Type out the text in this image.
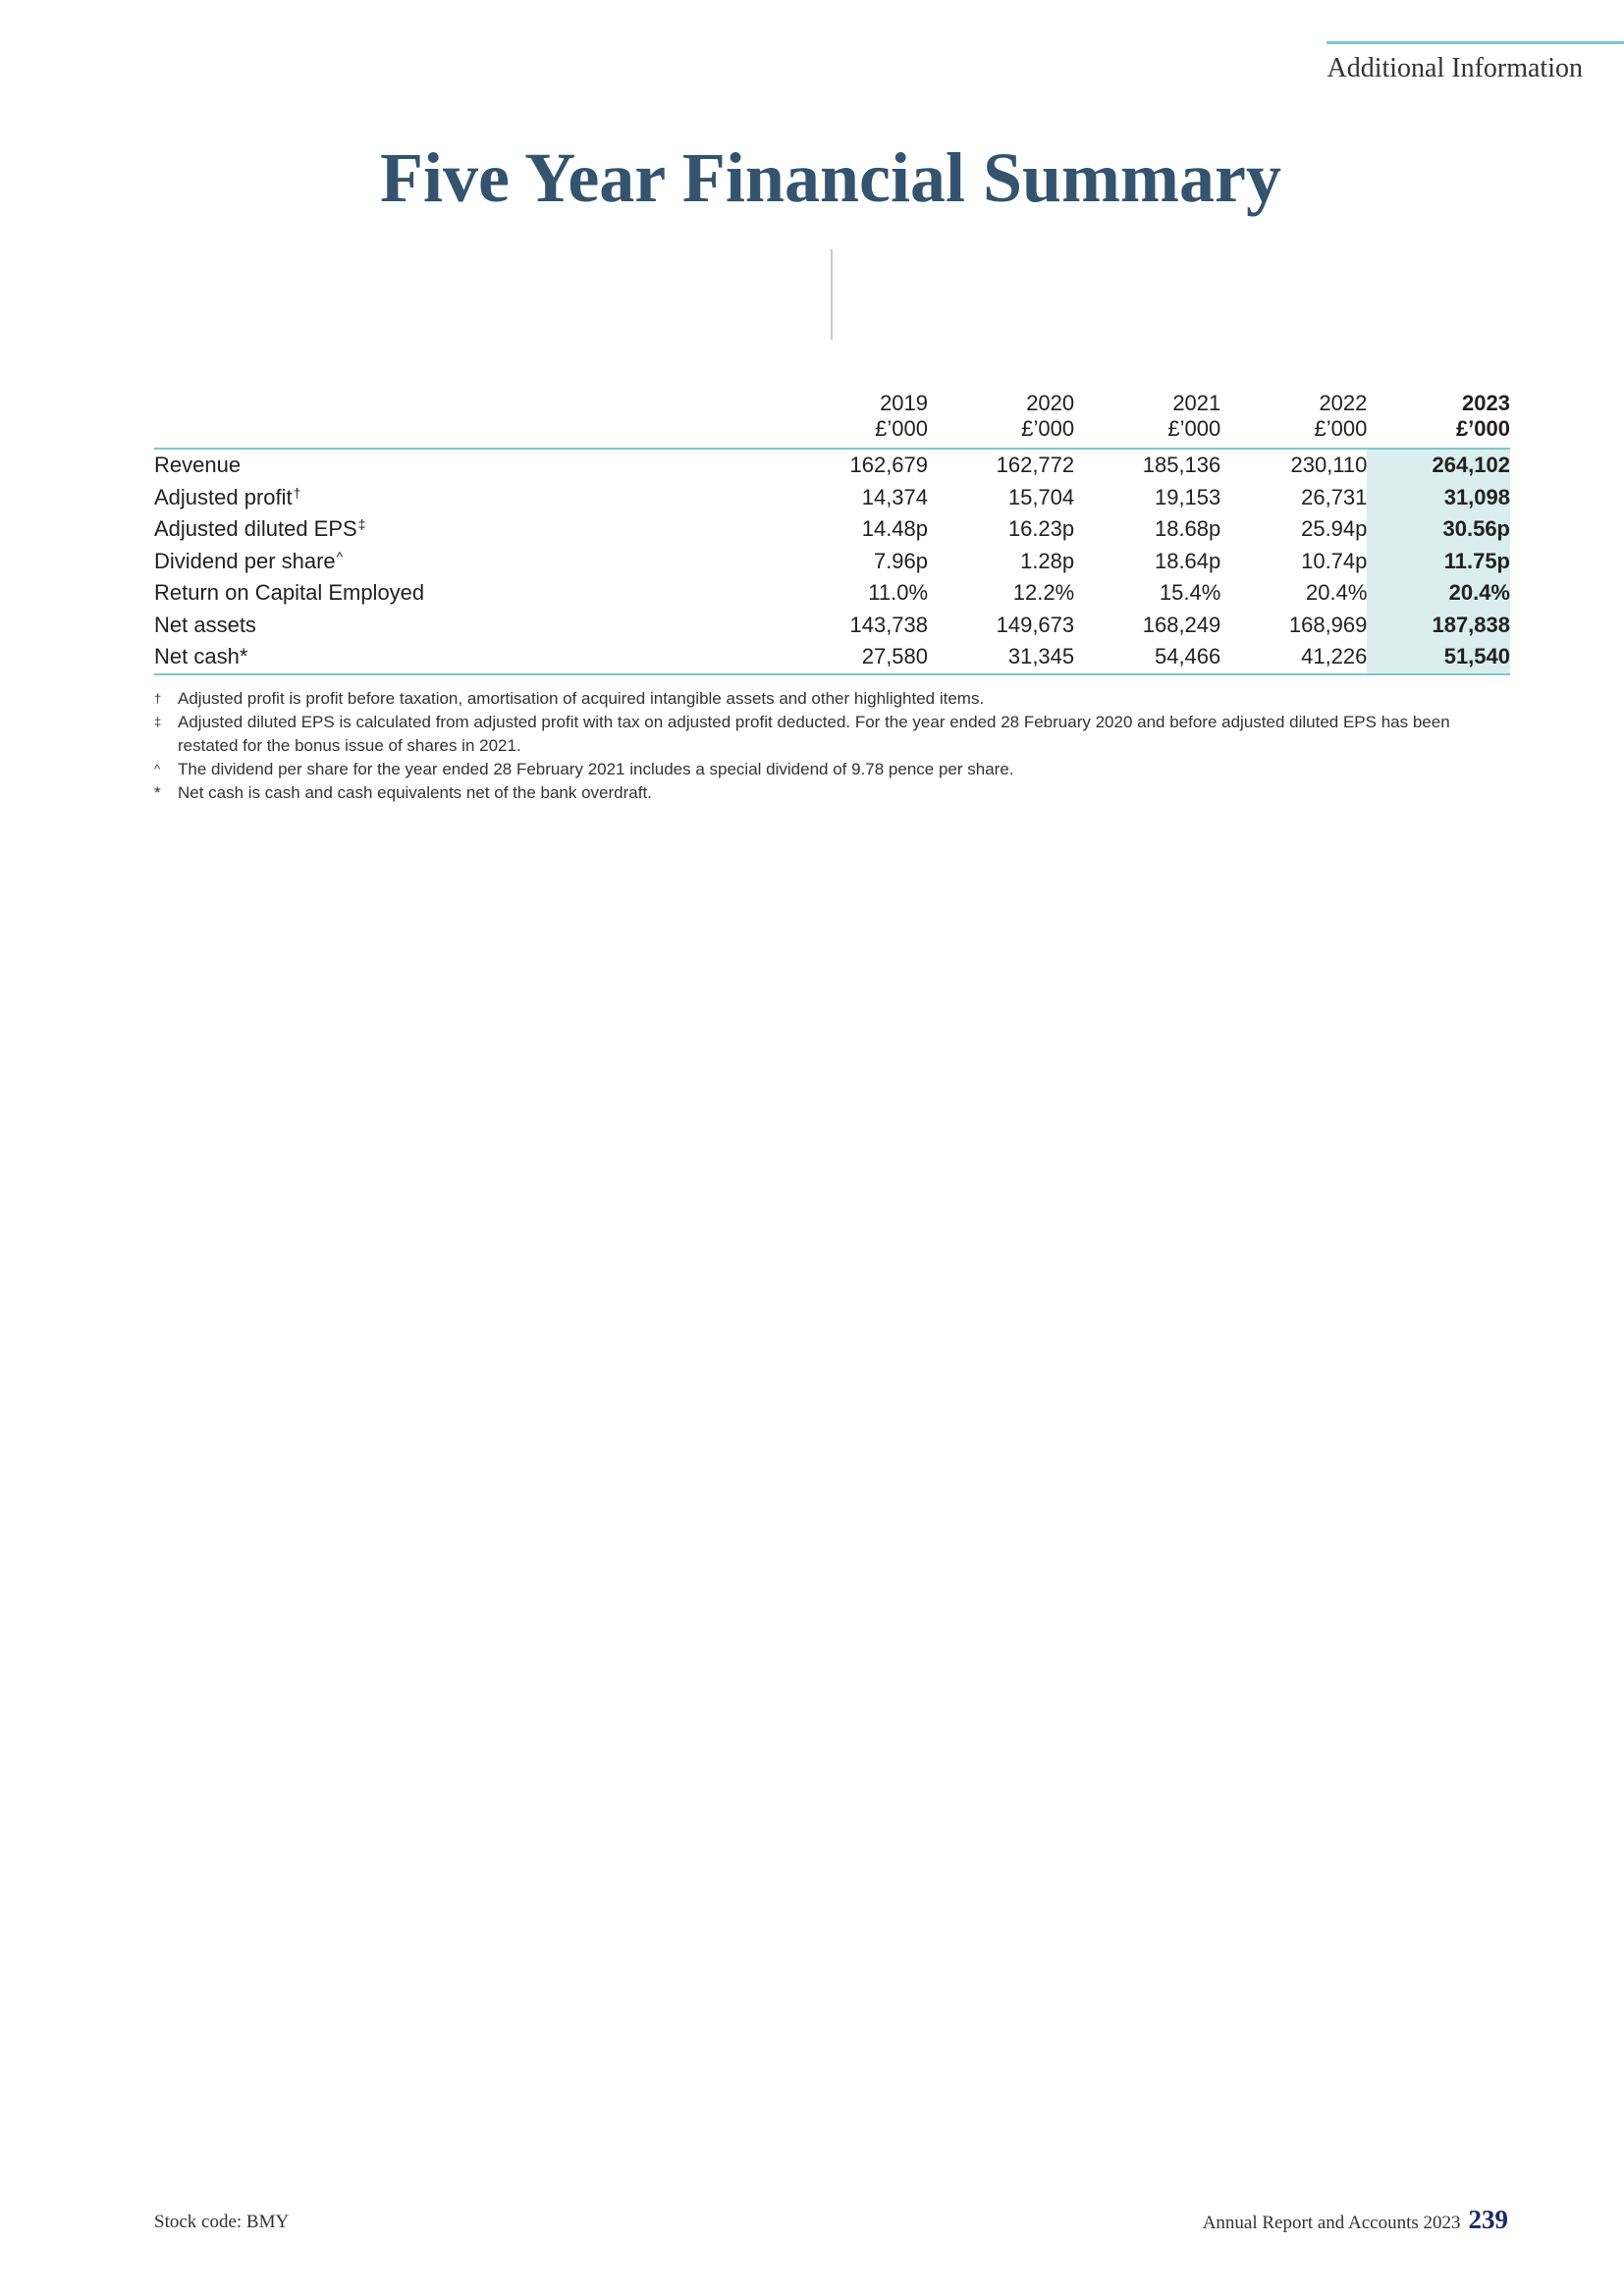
Additional Information
Five Year Financial Summary
	2019	2020	2021	2022	2023
	£’000	£’000	£’000	£’000	£’000
Revenue	162,679	162,772	185,136	230,110	264,102
Adjusted profit†	14,374	15,704	19,153	26,731	31,098
Adjusted diluted EPS‡	14.48p	16.23p	18.68p	25.94p	30.56p
Dividend per share^	7.96p	1.28p	18.64p	10.74p	11.75p
Return on Capital Employed	11.0%	12.2%	15.4%	20.4%	20.4%
Net assets	143,738	149,673	168,249	168,969	187,838
Net cash*	27,580	31,345	54,466	41,226	51,540
† Adjusted profit is profit before taxation, amortisation of acquired intangible assets and other highlighted items.
‡ Adjusted diluted EPS is calculated from adjusted profit with tax on adjusted profit deducted. For the year ended 28 February 2020 and before adjusted diluted EPS has been restated for the bonus issue of shares in 2021.
^	The dividend per share for the year ended 28 February 2021 includes a special dividend of 9.78 pence per share.
*	Net cash is cash and cash equivalents net of the bank overdraft.
Stock code: BMY	Annual Report and Accounts 2023 239
